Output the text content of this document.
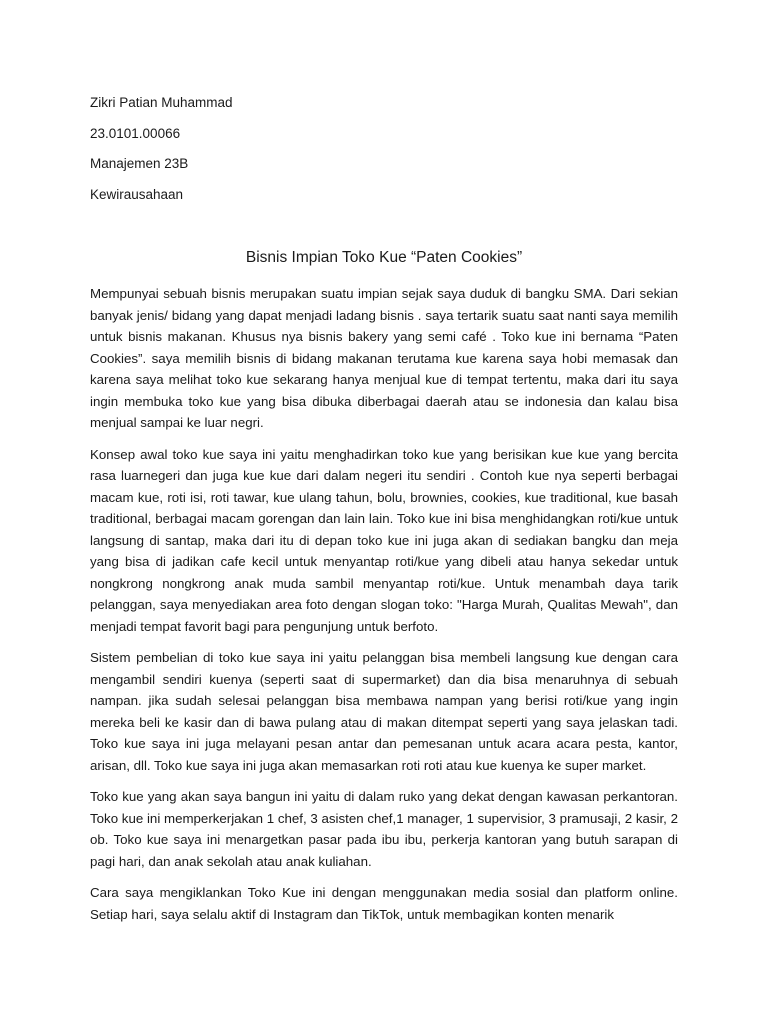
Zikri Patian Muhammad

23.0101.00066

Manajemen 23B

Kewirausahaan

Bisnis Impian Toko Kue “Paten Cookies”

Mempunyai sebuah bisnis merupakan suatu impian sejak saya duduk di bangku SMA. Dari sekian banyak jenis/ bidang yang dapat menjadi ladang bisnis . saya tertarik suatu saat nanti saya memilih untuk bisnis makanan. Khusus nya bisnis bakery yang semi café . Toko kue ini bernama “Paten Cookies”. saya memilih bisnis di bidang makanan terutama kue karena saya hobi memasak dan karena saya melihat toko kue sekarang hanya menjual kue di tempat tertentu, maka dari itu saya ingin membuka toko kue yang bisa dibuka diberbagai daerah atau se indonesia dan kalau bisa menjual sampai ke luar negri.

Konsep awal toko kue saya ini yaitu menghadirkan toko kue yang berisikan kue kue yang bercita rasa luarnegeri dan juga kue kue dari dalam negeri itu sendiri . Contoh kue nya seperti berbagai macam kue, roti isi, roti tawar, kue ulang tahun, bolu, brownies, cookies, kue traditional, kue basah traditional, berbagai macam gorengan dan lain lain. Toko kue ini bisa menghidangkan roti/kue untuk langsung di santap, maka dari itu di depan toko kue ini juga akan di sediakan bangku dan meja yang bisa di jadikan cafe kecil untuk menyantap roti/kue yang dibeli atau hanya sekedar untuk nongkrong nongkrong anak muda sambil menyantap roti/kue. Untuk menambah daya tarik pelanggan, saya menyediakan area foto dengan slogan toko: "Harga Murah, Qualitas Mewah", dan menjadi tempat favorit bagi para pengunjung untuk berfoto.

Sistem pembelian di toko kue saya ini yaitu pelanggan bisa membeli langsung kue dengan cara mengambil sendiri kuenya (seperti saat di supermarket) dan dia bisa menaruhnya di sebuah nampan. jika sudah selesai pelanggan bisa membawa nampan yang berisi roti/kue yang ingin mereka beli ke kasir dan di bawa pulang atau di makan ditempat seperti yang saya jelaskan tadi. Toko kue saya ini juga melayani pesan antar dan pemesanan untuk acara acara pesta, kantor, arisan, dll. Toko kue saya ini juga akan memasarkan roti roti atau kue kuenya ke super market.

Toko kue yang akan saya bangun ini yaitu di dalam ruko yang dekat dengan kawasan perkantoran. Toko kue ini memperkerjakan 1 chef, 3 asisten chef,1 manager, 1 supervisior, 3 pramusaji, 2 kasir, 2 ob. Toko kue saya ini menargetkan pasar pada ibu ibu, perkerja kantoran yang butuh sarapan di pagi hari, dan anak sekolah atau anak kuliahan.

Cara saya mengiklankan Toko Kue ini dengan menggunakan media sosial dan platform online. Setiap hari, saya selalu aktif di Instagram dan TikTok, untuk membagikan konten menarik
